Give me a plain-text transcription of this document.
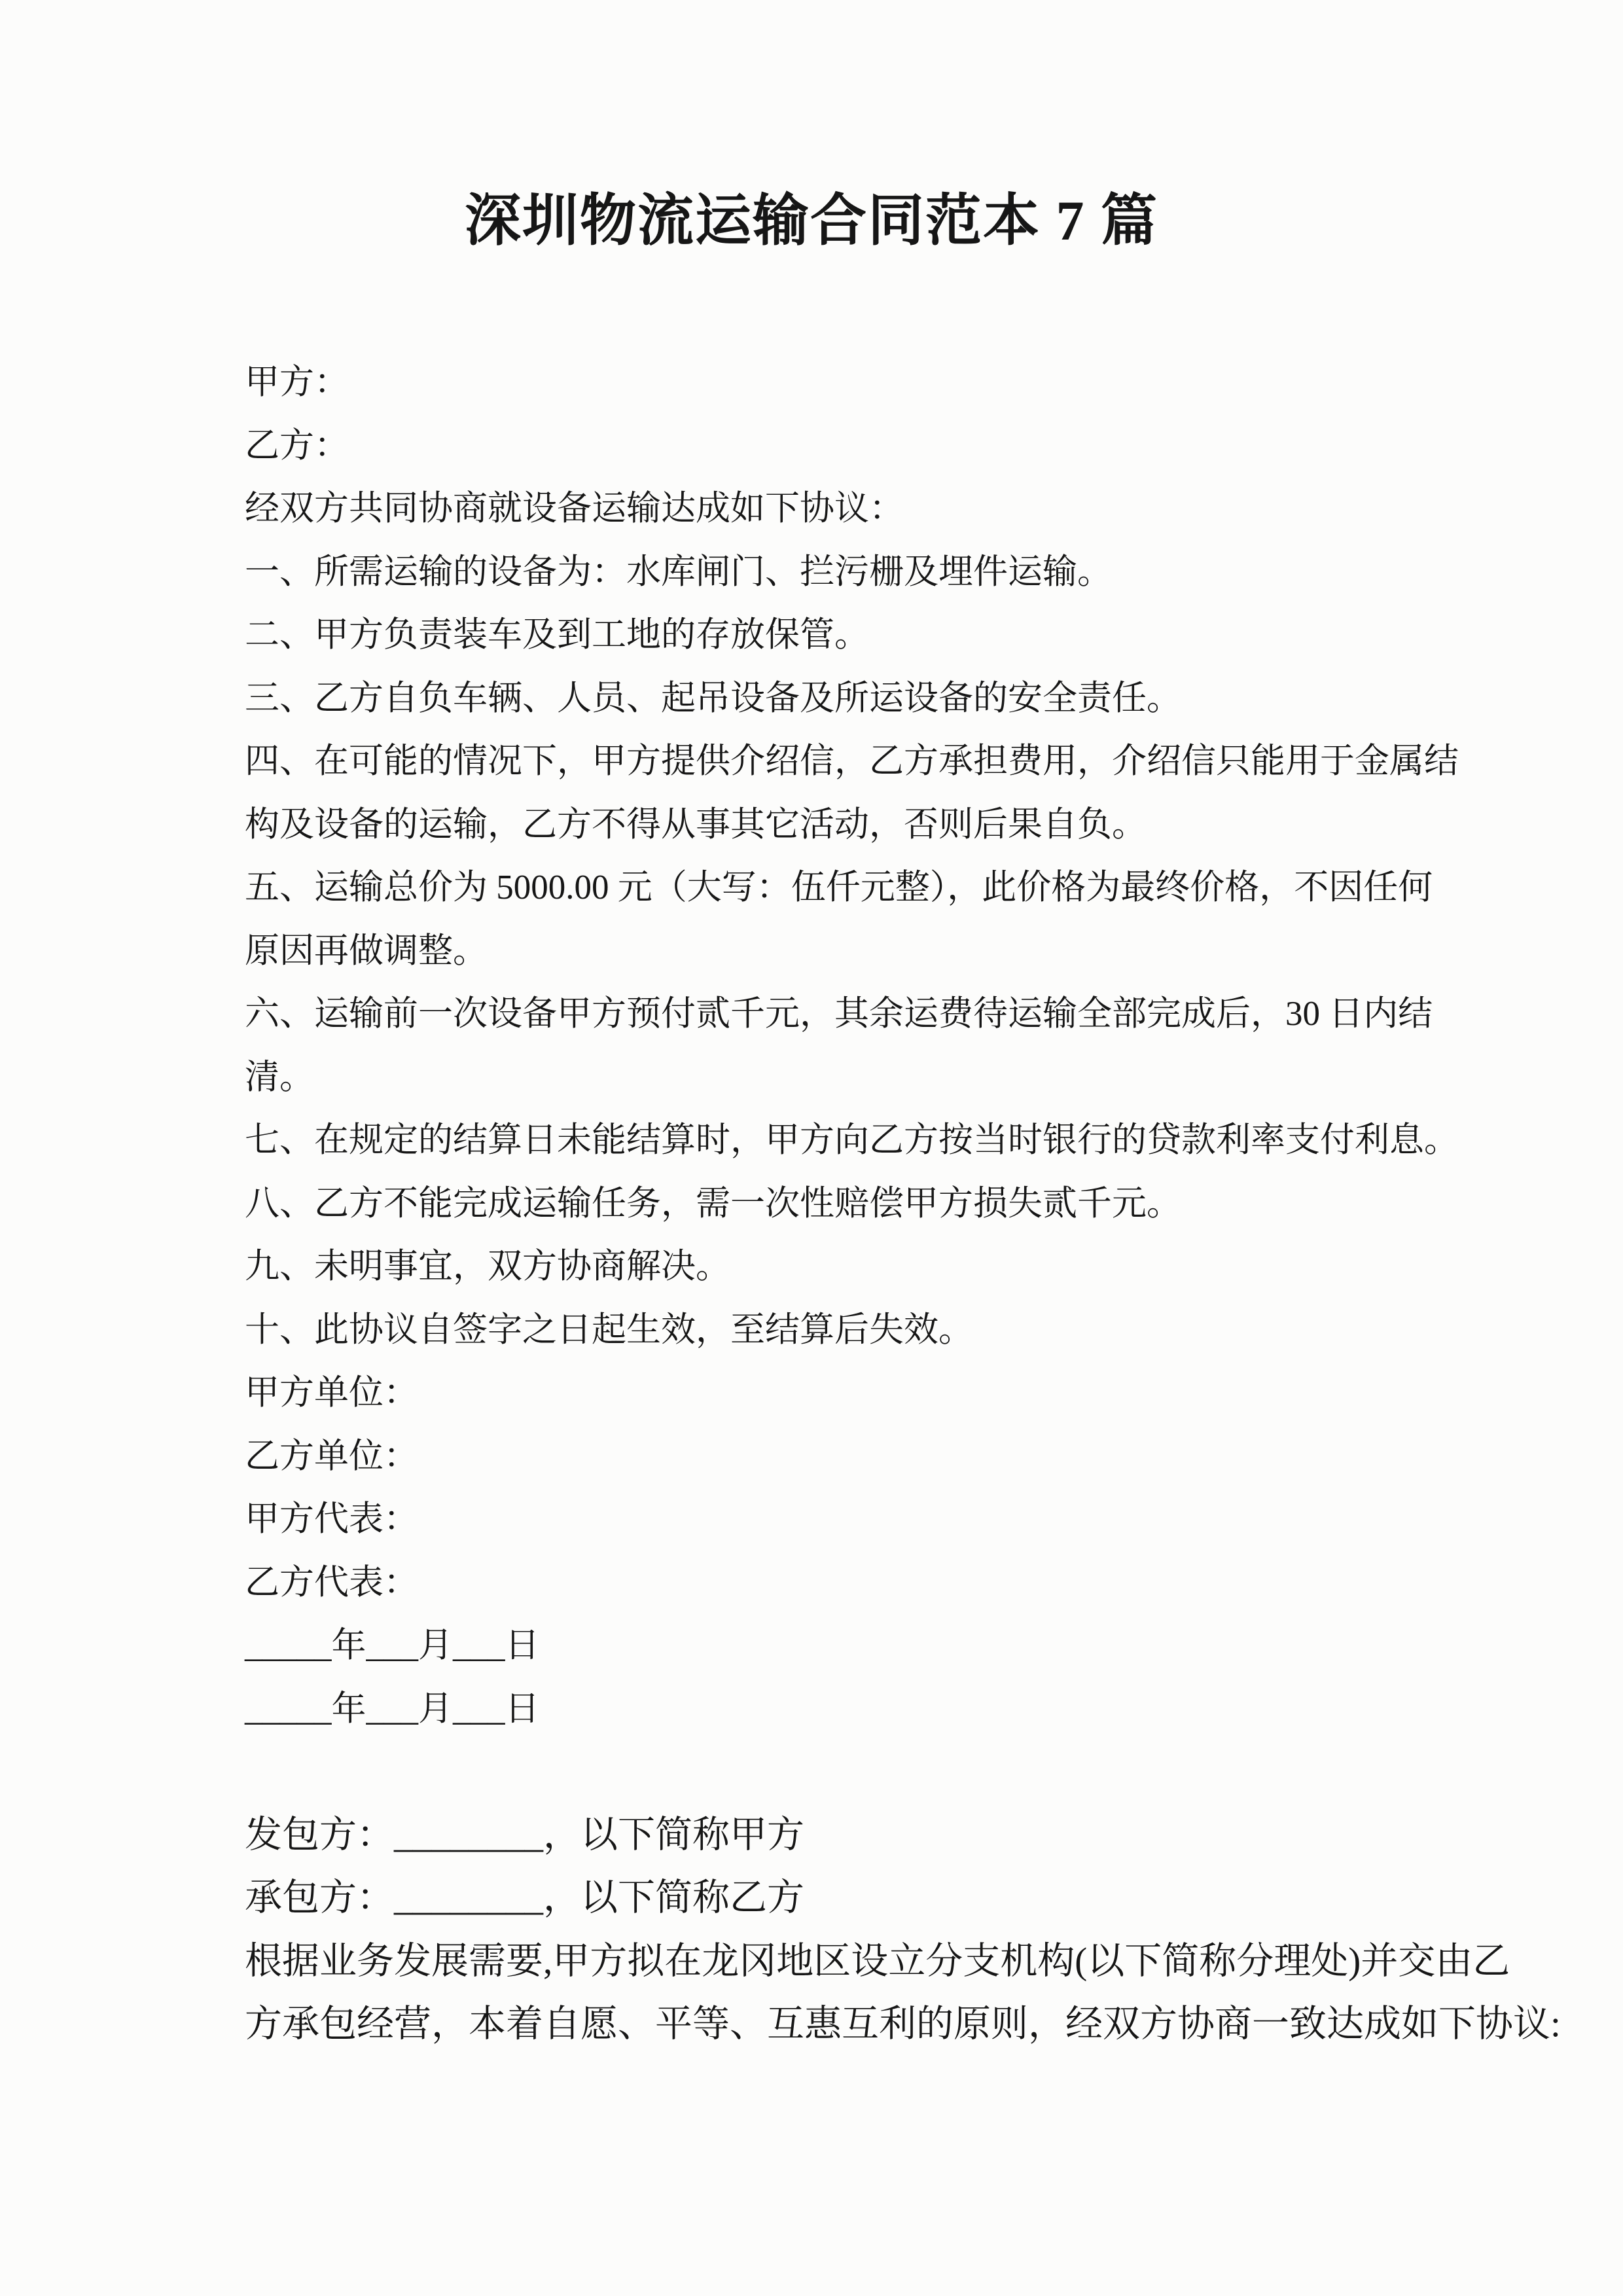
深圳物流运输合同范本 7 篇
甲方：
乙方：
经双方共同协商就设备运输达成如下协议：
一、所需运输的设备为：水库闸门、拦污栅及埋件运输。
二、甲方负责装车及到工地的存放保管。
三、乙方自负车辆、人员、起吊设备及所运设备的安全责任。
四、在可能的情况下，甲方提供介绍信，乙方承担费用，介绍信只能用于金属结
构及设备的运输，乙方不得从事其它活动，否则后果自负。
五、运输总价为 5000.00 元（大写：伍仟元整），此价格为最终价格，不因任何
原因再做调整。
六、运输前一次设备甲方预付贰千元，其余运费待运输全部完成后，30 日内结
清。
七、在规定的结算日未能结算时，甲方向乙方按当时银行的贷款利率支付利息。
八、乙方不能完成运输任务，需一次性赔偿甲方损失贰千元。
九、未明事宜，双方协商解决。
十、此协议自签字之日起生效，至结算后失效。
甲方单位：
乙方单位：
甲方代表：
乙方代表：
_____年___月___日
_____年___月___日
发包方：________，以下简称甲方
承包方：________，以下简称乙方
根据业务发展需要,甲方拟在龙冈地区设立分支机构(以下简称分理处)并交由乙
方承包经营，本着自愿、平等、互惠互利的原则，经双方协商一致达成如下协议:
